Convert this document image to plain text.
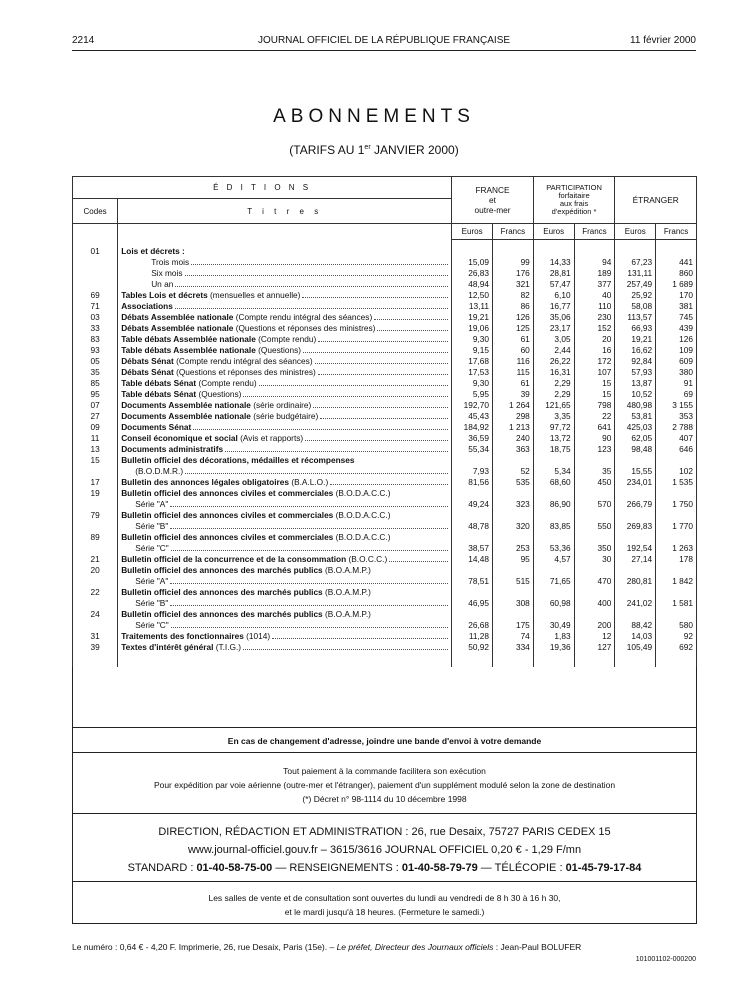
2214	JOURNAL OFFICIEL DE LA RÉPUBLIQUE FRANÇAISE	11 février 2000
ABONNEMENTS
(TARIFS AU 1er JANVIER 2000)
É D I T I O N S	FRANCE
et
outre-mer

PARTICIPATION
forfaitaire
aux frais
d'expédition *
	ÉTRANGER
Codes	T i t r e s						
		Euros	Francs	Euros	Francs	Euros	Francs
01	Lois et décrets :						

	Trois mois	15,09	99	14,33	94	67,23	441

	Six mois	26,83	176	28,81	189	131,11	860

	Un an	48,94	321	57,47	377	257,49	1 689
69	Tables Lois et décrets (mensuelles et annuelle)	12,50	82	6,10	40	25,92	170
71	Associations	13,11	86	16,77	110	58,08	381
03	Débats Assemblée nationale (Compte rendu intégral des séances)	19,21	126	35,06	230	113,57	745
33	Débats Assemblée nationale (Questions et réponses des ministres)	19,06	125	23,17	152	66,93	439
83	Table débats Assemblée nationale (Compte rendu)	9,30	61	3,05	20	19,21	126
93	Table débats Assemblée nationale (Questions)	9,15	60	2,44	16	16,62	109
05	Débats Sénat (Compte rendu intégral des séances)	17,68	116	26,22	172	92,84	609
35	Débats Sénat (Questions et réponses des ministres)	17,53	115	16,31	107	57,93	380
85	Table débats Sénat (Compte rendu)	9,30	61	2,29	15	13,87	91
95	Table débats Sénat (Questions)	5,95	39	2,29	15	10,52	69
07	Documents Assemblée nationale (série ordinaire)	192,70	1 264	121,65	798	480,98	3 155
27	Documents Assemblée nationale (série budgétaire)	45,43	298	3,35	22	53,81	353
09	Documents Sénat	184,92	1 213	97,72	641	425,03	2 788
11	Conseil économique et social (Avis et rapports)	36,59	240	13,72	90	62,05	407
13	Documents administratifs	55,34	363	18,75	123	98,48	646
15	Bulletin officiel des décorations, médailles et récompenses
(B.O.D.M.R.)	7,93	52	5,34	35	15,55	102
17	Bulletin des annonces légales obligatoires (B.A.L.O.)	81,56	535	68,60	450	234,01	1 535
19	Bulletin officiel des annonces civiles et commerciales (B.O.D.A.C.C.)
Série "A"	49,24	323	86,90	570	266,79	1 750
79	Bulletin officiel des annonces civiles et commerciales (B.O.D.A.C.C.)
Série "B"	48,78	320	83,85	550	269,83	1 770
89	Bulletin officiel des annonces civiles et commerciales (B.O.D.A.C.C.)
Série "C"	38,57	253	53,36	350	192,54	1 263
21	Bulletin officiel de la concurrence et de la consommation (B.O.C.C.)	14,48	95	4,57	30	27,14	178
20	Bulletin officiel des annonces des marchés publics (B.O.A.M.P.)
Série "A"	78,51	515	71,65	470	280,81	1 842
22	Bulletin officiel des annonces des marchés publics (B.O.A.M.P.)
Série "B"	46,95	308	60,98	400	241,02	1 581
24	Bulletin officiel des annonces des marchés publics (B.O.A.M.P.)
Série "C"	26,68	175	30,49	200	88,42	580
31	Traitements des fonctionnaires (1014)	11,28	74	1,83	12	14,03	92
39	Textes d'intérêt général (T.I.G.)	50,92	334	19,36	127	105,49	692

En cas de changement d'adresse, joindre une bande d'envoi à votre demande
Tout paiement à la commande facilitera son exécution
Pour expédition par voie aérienne (outre-mer et l'étranger), paiement d'un supplément modulé selon la zone de destination
(*) Décret n° 98-1114 du 10 décembre 1998
DIRECTION, RÉDACTION ET ADMINISTRATION : 26, rue Desaix, 75727 PARIS CEDEX 15
www.journal-officiel.gouv.fr – 3615/3616 JOURNAL OFFICIEL 0,20 € - 1,29 F/mn
STANDARD : 01-40-58-75-00 — RENSEIGNEMENTS : 01-40-58-79-79 — TÉLÉCOPIE : 01-45-79-17-84
Les salles de vente et de consultation sont ouvertes du lundi au vendredi de 8 h 30 à 16 h 30,
et le mardi jusqu'à 18 heures. (Fermeture le samedi.)
Le numéro : 0,64 € - 4,20 F. Imprimerie, 26, rue Desaix, Paris (15e). – Le préfet, Directeur des Journaux officiels : Jean-Paul BOLUFER
101001102-000200
